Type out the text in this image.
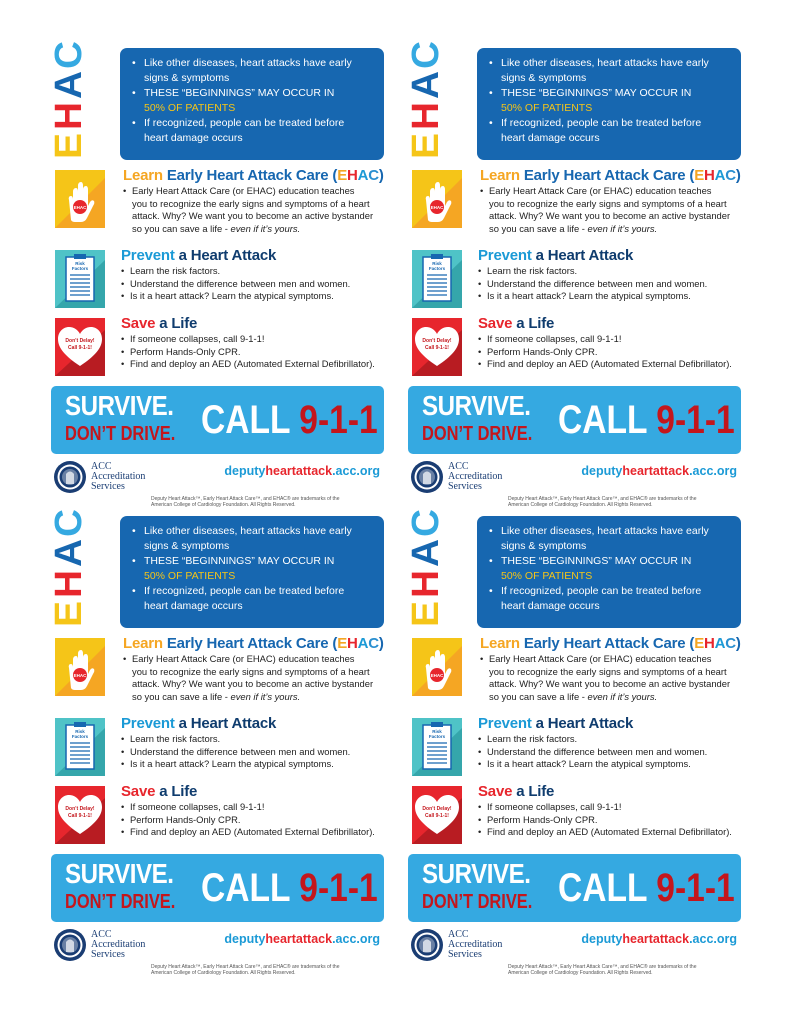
E
H
A
C	• Like other diseases, heart attacks have early
signs & symptoms
• THESE “BEGINNINGS” MAY OCCUR IN
50% OF PATIENTS
• If recognized, people can be treated before
heart damage occurs
EHAC
Learn Early Heart Attack Care (EHAC)
• Early Heart Attack Care (or EHAC) education teaches
you to recognize the early signs and symptoms of a heart
attack. Why? We want you to become an active bystander
so you can save a life - even if it’s yours.
Risk
Factors
Prevent a Heart Attack
• Learn the risk factors.
• Understand the difference between men and women.
• Is it a heart attack? Learn the atypical symptoms.
Don’t Delay!
Call 9-1-1!
Save a Life
• If someone collapses, call 9-1-1!
• Perform Hands-Only CPR.
• Find and deploy an AED (Automated External Defibrillator).
SURVIVE.
DON’T DRIVE. CALL 9-1-1
ACC
Accreditation
Services
deputyheartattack.acc.org
Deputy Heart Attack™, Early Heart Attack Care™, and EHAC® are trademarks of the
American College of Cardiology Foundation. All Rights Reserved.
E
H
A
C	• Like other diseases, heart attacks have early
signs & symptoms
• THESE “BEGINNINGS” MAY OCCUR IN
50% OF PATIENTS
• If recognized, people can be treated before
heart damage occurs
EHAC
Learn Early Heart Attack Care (EHAC)
• Early Heart Attack Care (or EHAC) education teaches
you to recognize the early signs and symptoms of a heart
attack. Why? We want you to become an active bystander
so you can save a life - even if it’s yours.
Risk
Factors
Prevent a Heart Attack
• Learn the risk factors.
• Understand the difference between men and women.
• Is it a heart attack? Learn the atypical symptoms.
Don’t Delay!
Call 9-1-1!
Save a Life
• If someone collapses, call 9-1-1!
• Perform Hands-Only CPR.
• Find and deploy an AED (Automated External Defibrillator).
SURVIVE.
DON’T DRIVE. CALL 9-1-1
ACC
Accreditation
Services
deputyheartattack.acc.org
Deputy Heart Attack™, Early Heart Attack Care™, and EHAC® are trademarks of the
American College of Cardiology Foundation. All Rights Reserved.
E
H
A
C	• Like other diseases, heart attacks have early
signs & symptoms
• THESE “BEGINNINGS” MAY OCCUR IN
50% OF PATIENTS
• If recognized, people can be treated before
heart damage occurs
EHAC
Learn Early Heart Attack Care (EHAC)
• Early Heart Attack Care (or EHAC) education teaches
you to recognize the early signs and symptoms of a heart
attack. Why? We want you to become an active bystander
so you can save a life - even if it’s yours.
Risk
Factors
Prevent a Heart Attack
• Learn the risk factors.
• Understand the difference between men and women.
• Is it a heart attack? Learn the atypical symptoms.
Don’t Delay!
Call 9-1-1!
Save a Life
• If someone collapses, call 9-1-1!
• Perform Hands-Only CPR.
• Find and deploy an AED (Automated External Defibrillator).
SURVIVE.
DON’T DRIVE. CALL 9-1-1
ACC
Accreditation
Services
deputyheartattack.acc.org
Deputy Heart Attack™, Early Heart Attack Care™, and EHAC® are trademarks of the
American College of Cardiology Foundation. All Rights Reserved.
E
H
A
C	• Like other diseases, heart attacks have early
signs & symptoms
• THESE “BEGINNINGS” MAY OCCUR IN
50% OF PATIENTS
• If recognized, people can be treated before
heart damage occurs
EHAC
Learn Early Heart Attack Care (EHAC)
• Early Heart Attack Care (or EHAC) education teaches
you to recognize the early signs and symptoms of a heart
attack. Why? We want you to become an active bystander
so you can save a life - even if it’s yours.
Risk
Factors
Prevent a Heart Attack
• Learn the risk factors.
• Understand the difference between men and women.
• Is it a heart attack? Learn the atypical symptoms.
Don’t Delay!
Call 9-1-1!
Save a Life
• If someone collapses, call 9-1-1!
• Perform Hands-Only CPR.
• Find and deploy an AED (Automated External Defibrillator).
SURVIVE.
DON’T DRIVE. CALL 9-1-1
ACC
Accreditation
Services
deputyheartattack.acc.org
Deputy Heart Attack™, Early Heart Attack Care™, and EHAC® are trademarks of the
American College of Cardiology Foundation. All Rights Reserved.
